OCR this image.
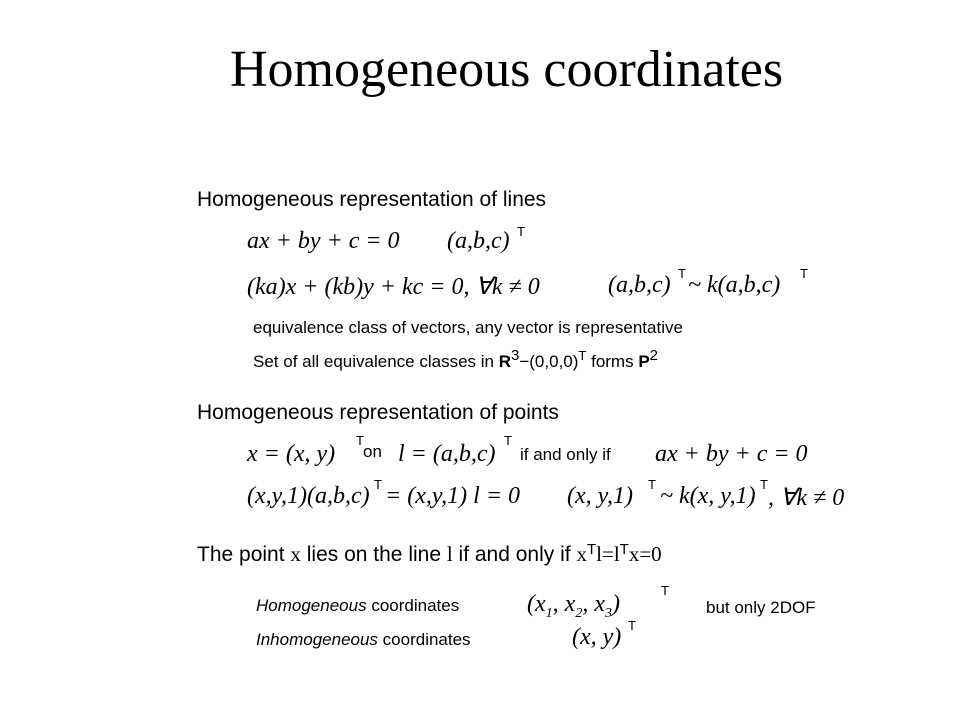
Homogeneous coordinates
Homogeneous representation of lines
ax + by + c = 0 (a,b,c) T
(ka)x + (kb)y + kc = 0, ∀k ≠ 0	(a,b,c) T ~ k(a,b,c) T
equivalence class of vectors, any vector is representative
Set of all equivalence classes in $R3-(0,0,0)^T$ forms P2
Homogeneous representation of points
x = (x, y)
T
on l = (a,b,c)
T
if and only if ax + by + c = 0
(x,y,1)(a,b,c) T = (x,y,1) l = 0 (x, y,1) T ~ k(x, y,1) T
, ∀k ≠ 0
The point x lies on the line l if and only if $x^Tl=l^Tx=0$
Homogeneous coordinates	($x_1$, $x_2$, $x_3$)
T
but only 2DOF
Inhomogeneous coordinates	(x, y) T
